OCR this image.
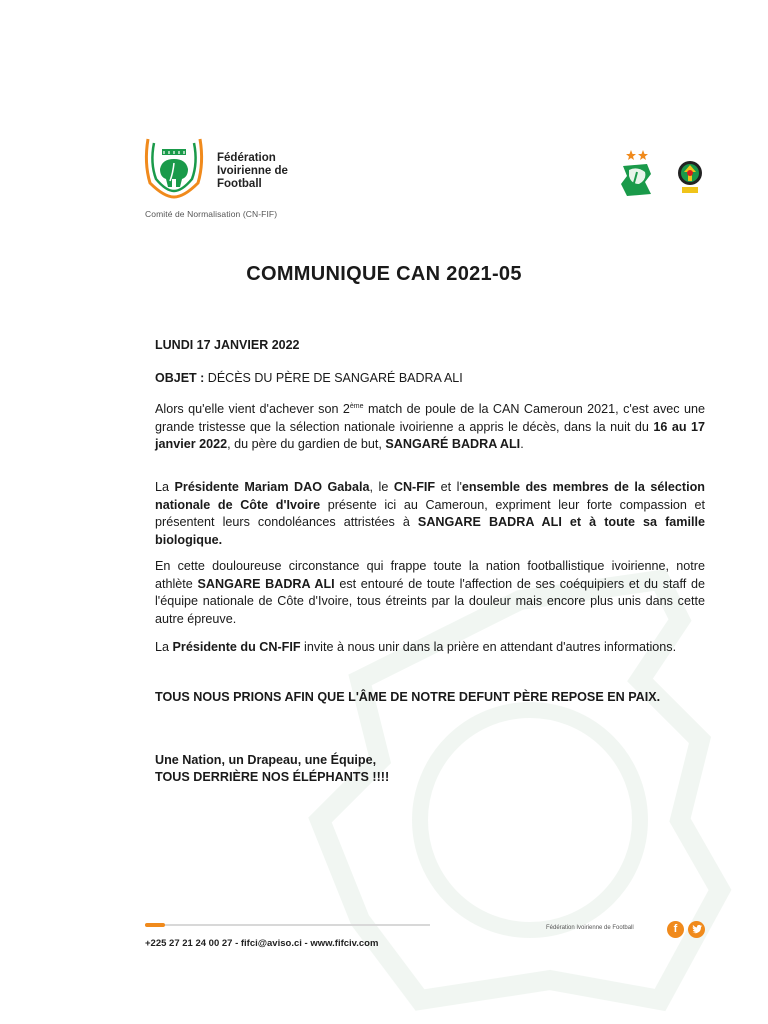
Fédération
Ivoirienne de
Football
Comité de Normalisation (CN-FIF)
COMMUNIQUE CAN 2021-05
LUNDI 17 JANVIER 2022
OBJET : DÉCÈS DU PÈRE DE SANGARÉ BADRA ALI
Alors qu'elle vient d'achever son 2ème match de poule de la CAN Cameroun 2021, c'est avec une grande tristesse que la sélection nationale ivoirienne a appris le décès, dans la nuit du 16 au 17 janvier 2022, du père du gardien de but, SANGARÉ BADRA ALI.
La Présidente Mariam DAO Gabala, le CN-FIF et l'ensemble des membres de la sélection nationale de Côte d'Ivoire présente ici au Cameroun, expriment leur forte compassion et présentent leurs condoléances attristées à SANGARE BADRA ALI et à toute sa famille biologique.
En cette douloureuse circonstance qui frappe toute la nation footballistique ivoirienne, notre athlète SANGARE BADRA ALI est entouré de toute l'affection de ses coéquipiers et du staff de l'équipe nationale de Côte d'Ivoire, tous étreints par la douleur mais encore plus unis dans cette autre épreuve.
La Présidente du CN-FIF invite à nous unir dans la prière en attendant d'autres informations.
TOUS NOUS PRIONS AFIN QUE L'ÂME DE NOTRE DEFUNT PÈRE REPOSE EN PAIX.
Une Nation, un Drapeau, une Équipe,
TOUS DERRIÈRE NOS ÉLÉPHANTS !!!!
+225 27 21 24 00 27 - fifci@aviso.ci - www.fifciv.com
Fédération Ivoirienne de Football	f
